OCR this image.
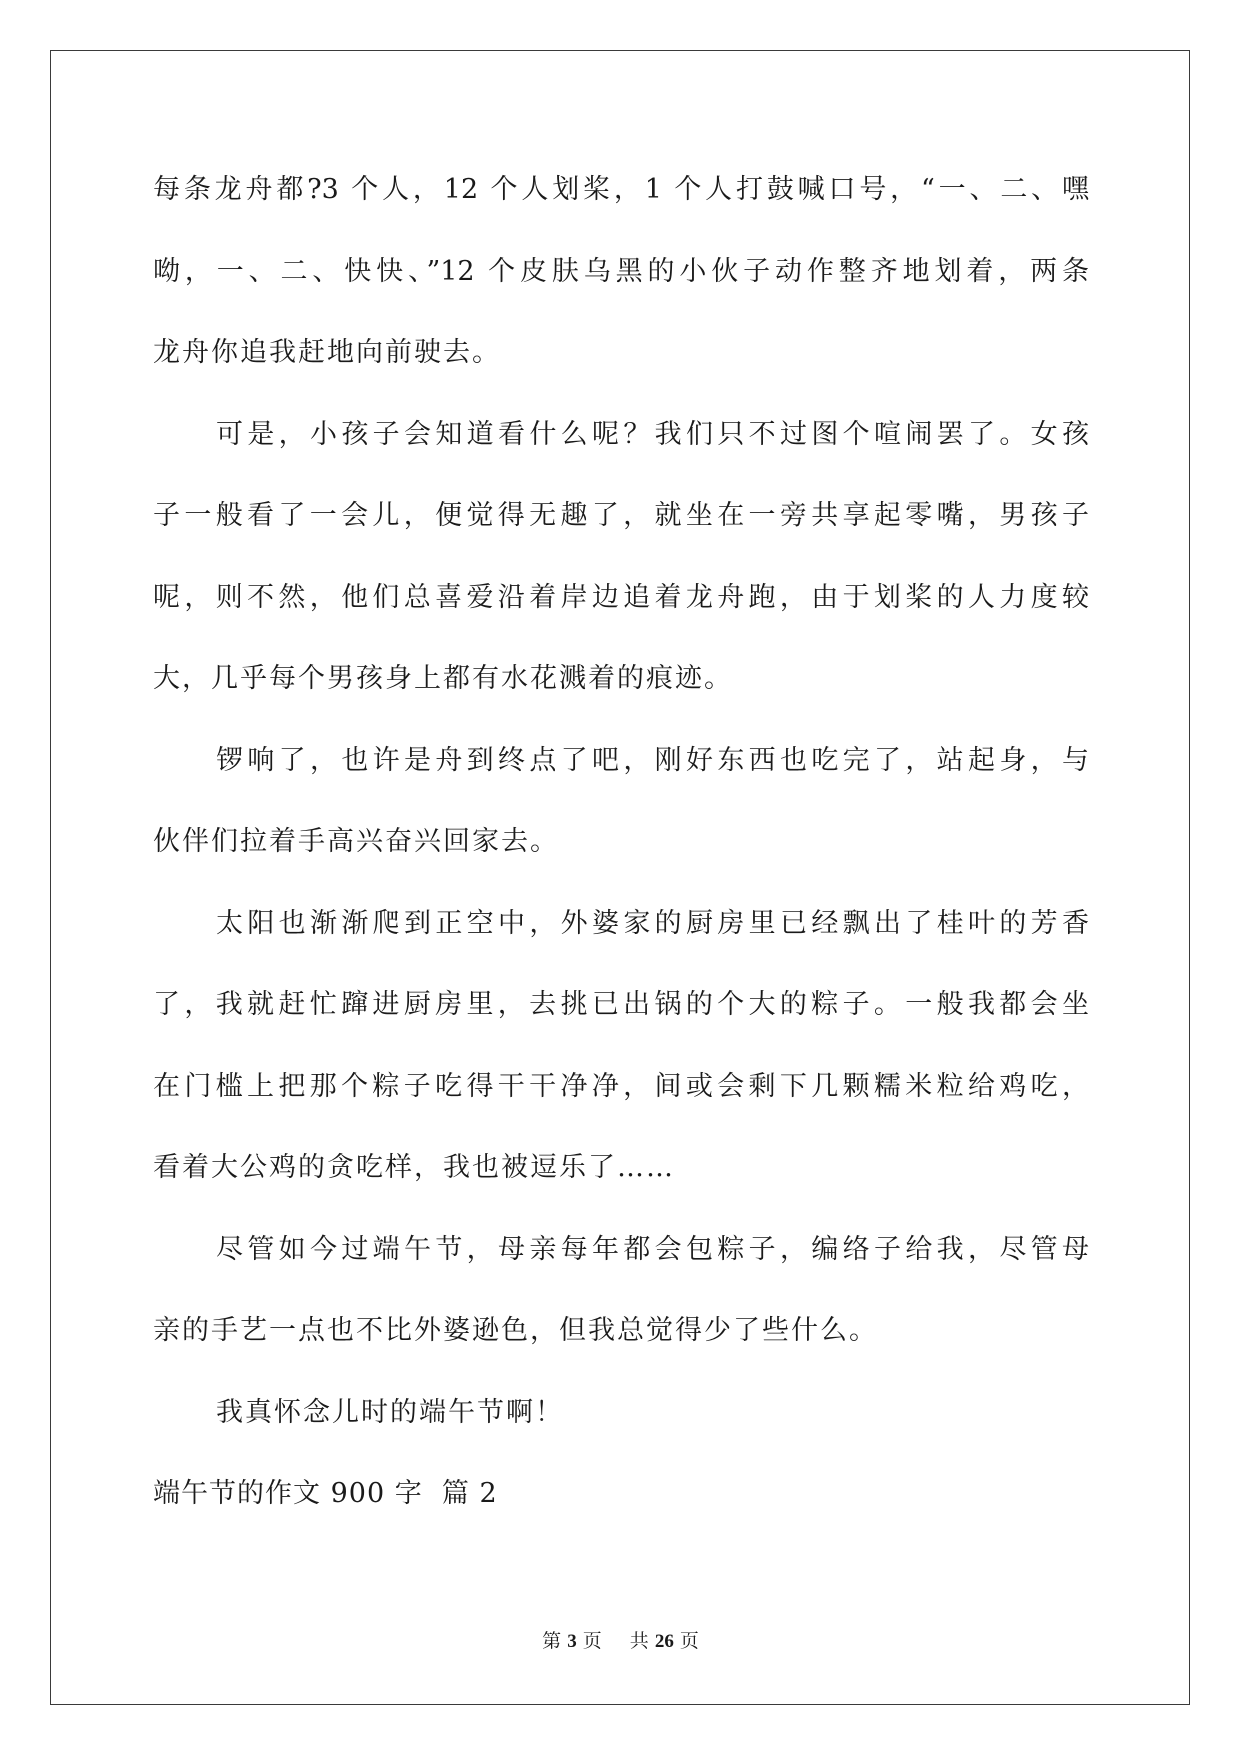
每条龙舟都?3 个人，12 个人划桨，1 个人打鼓喊口号，“一、二、嘿
呦，一、二、快快、”12 个皮肤乌黑的小伙子动作整齐地划着，两条
龙舟你追我赶地向前驶去。
可是，小孩子会知道看什么呢？我们只不过图个喧闹罢了。女孩
子一般看了一会儿，便觉得无趣了，就坐在一旁共享起零嘴，男孩子
呢，则不然，他们总喜爱沿着岸边追着龙舟跑，由于划桨的人力度较
大，几乎每个男孩身上都有水花溅着的痕迹。
锣响了，也许是舟到终点了吧，刚好东西也吃完了，站起身，与
伙伴们拉着手高兴奋兴回家去。
太阳也渐渐爬到正空中，外婆家的厨房里已经飘出了桂叶的芳香
了，我就赶忙蹿进厨房里，去挑已出锅的个大的粽子。一般我都会坐
在门槛上把那个粽子吃得干干净净，间或会剩下几颗糯米粒给鸡吃，
看着大公鸡的贪吃样，我也被逗乐了……
尽管如今过端午节，母亲每年都会包粽子，编络子给我，尽管母
亲的手艺一点也不比外婆逊色，但我总觉得少了些什么。
我真怀念儿时的端午节啊！
端午节的作文 900 字  篇 2
第 3 页 共 26 页
